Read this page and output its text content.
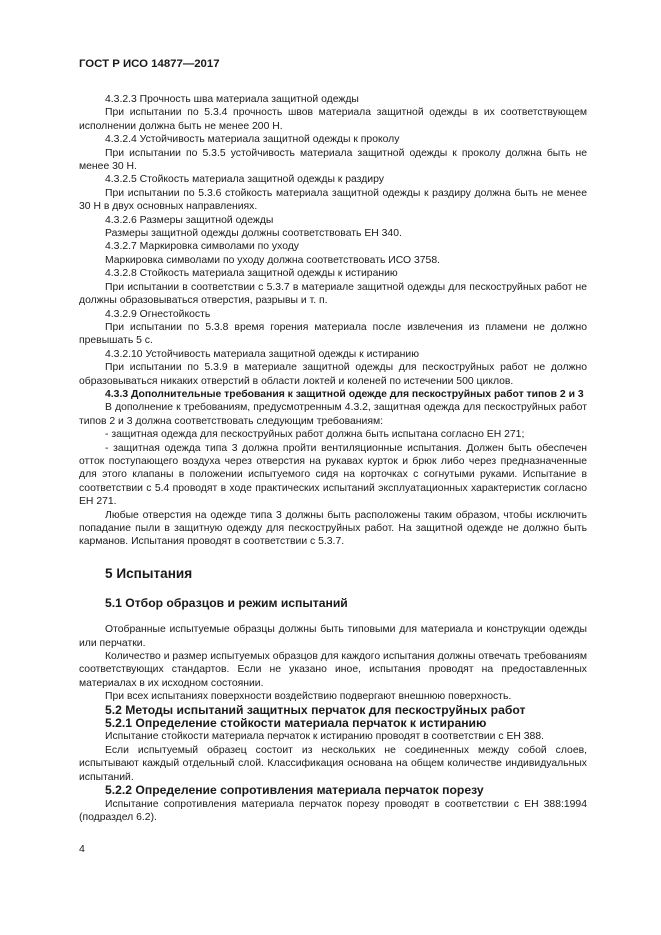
ГОСТ Р ИСО 14877—2017

4.3.2.3 Прочность шва материала защитной одежды

При испытании по 5.3.4 прочность швов материала защитной одежды в их соответствующем исполнении должна быть не менее 200 Н.

4.3.2.4 Устойчивость материала защитной одежды к проколу

При испытании по 5.3.5 устойчивость материала защитной одежды к проколу должна быть не менее 30 Н.

4.3.2.5 Стойкость материала защитной одежды к раздиру

При испытании по 5.3.6 стойкость материала защитной одежды к раздиру должна быть не менее 30 Н в двух основных направлениях.

4.3.2.6 Размеры защитной одежды

Размеры защитной одежды должны соответствовать ЕН 340.

4.3.2.7 Маркировка символами по уходу

Маркировка символами по уходу должна соответствовать ИСО 3758.

4.3.2.8 Стойкость материала защитной одежды к истиранию

При испытании в соответствии с 5.3.7 в материале защитной одежды для пескоструйных работ не должны образовываться отверстия, разрывы и т. п.

4.3.2.9 Огнестойкость

При испытании по 5.3.8 время горения материала после извлечения из пламени не должно превышать 5 с.

4.3.2.10 Устойчивость материала защитной одежды к истиранию

При испытании по 5.3.9 в материале защитной одежды для пескоструйных работ не должно образовываться никаких отверстий в области локтей и коленей по истечении 500 циклов.

4.3.3 Дополнительные требования к защитной одежде для пескоструйных работ типов 2 и 3

В дополнение к требованиям, предусмотренным 4.3.2, защитная одежда для пескоструйных работ типов 2 и 3 должна соответствовать следующим требованиям:

- защитная одежда для пескоструйных работ должна быть испытана согласно ЕН 271;

- защитная одежда типа 3 должна пройти вентиляционные испытания. Должен быть обеспечен отток поступающего воздуха через отверстия на рукавах курток и брюк либо через предназначенные для этого клапаны в положении испытуемого сидя на корточках с согнутыми руками. Испытание в соответствии с 5.4 проводят в ходе практических испытаний эксплуатационных характеристик согласно ЕН 271.

Любые отверстия на одежде типа 3 должны быть расположены таким образом, чтобы исключить попадание пыли в защитную одежду для пескоструйных работ. На защитной одежде не должно быть карманов. Испытания проводят в соответствии с 5.3.7.

5 Испытания
5.1 Отбор образцов и режим испытаний

Отобранные испытуемые образцы должны быть типовыми для материала и конструкции одежды или перчатки.

Количество и размер испытуемых образцов для каждого испытания должны отвечать требованиям соответствующих стандартов. Если не указано иное, испытания проводят на предоставленных материалах в их исходном состоянии.

При всех испытаниях поверхности воздействию подвергают внешнюю поверхность.

5.2 Методы испытаний защитных перчаток для пескоструйных работ
5.2.1 Определение стойкости материала перчаток к истиранию

Испытание стойкости материала перчаток к истиранию проводят в соответствии с ЕН 388.

Если испытуемый образец состоит из нескольких не соединенных между собой слоев, испытывают каждый отдельный слой. Классификация основана на общем количестве индивидуальных испытаний.

5.2.2 Определение сопротивления материала перчаток порезу

Испытание сопротивления материала перчаток порезу проводят в соответствии с ЕН 388:1994 (подраздел 6.2).

4
